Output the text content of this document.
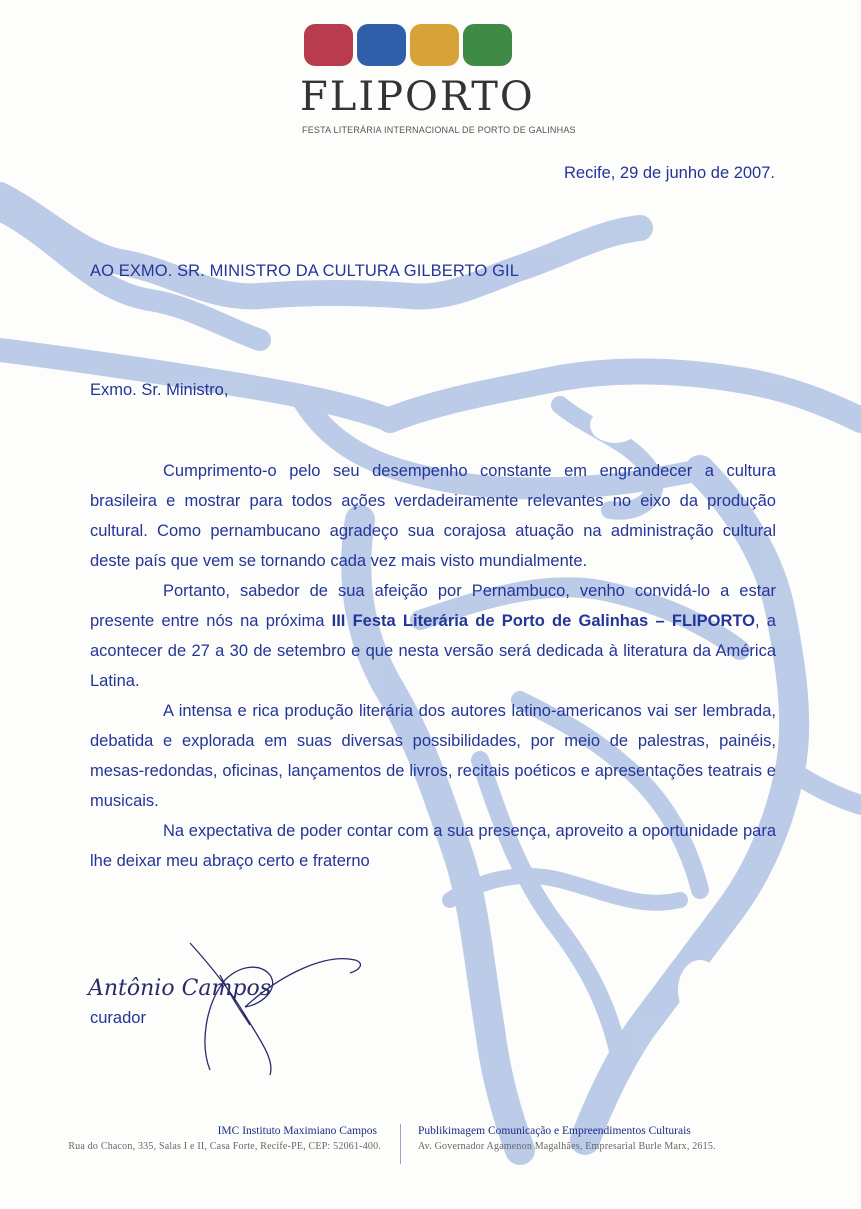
FLIPORTO
FESTA LITERÁRIA INTERNACIONAL DE PORTO DE GALINHAS
Recife, 29 de junho de 2007.
AO EXMO. SR. MINISTRO DA CULTURA GILBERTO GIL
Exmo. Sr. Ministro,

Cumprimento-o pelo seu desempenho constante em engrandecer a cultura brasileira e mostrar para todos ações verdadeiramente relevantes no eixo da produção cultural. Como pernambucano agradeço sua corajosa atuação na administração cultural deste país que vem se tornando cada vez mais visto mundialmente.

Portanto, sabedor de sua afeição por Pernambuco, venho convidá-lo a estar presente entre nós na próxima III Festa Literária de Porto de Galinhas – FLIPORTO, a acontecer de 27 a 30 de setembro e que nesta versão será dedicada à literatura da América Latina.

A intensa e rica produção literária dos autores latino-americanos vai ser lembrada, debatida e explorada em suas diversas possibilidades, por meio de palestras, painéis, mesas-redondas, oficinas, lançamentos de livros, recitais poéticos e apresentações teatrais e musicais.

Na expectativa de poder contar com a sua presença, aproveito a oportunidade para lhe deixar meu abraço certo e fraterno

Antônio Campos
curador
IMC Instituto Maximiano Campos
Rua do Chacon, 335, Salas I e II, Casa Forte, Recife-PE, CEP: 52061-400.
Publikimagem Comunicação e Empreendimentos Culturais
Av. Governador Agamenon Magalhães, Empresarial Burle Marx, 2615.
